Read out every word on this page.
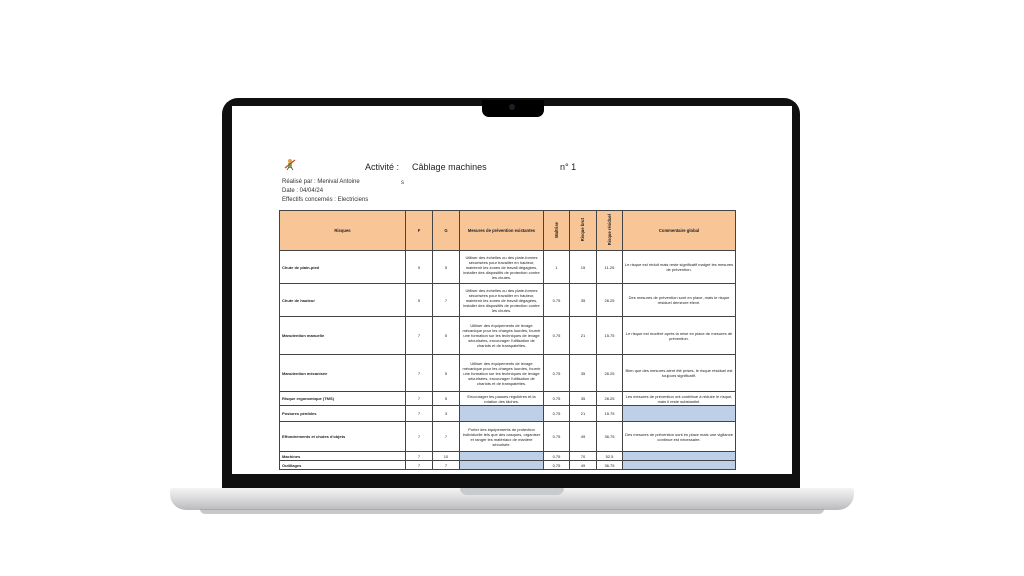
Activité : Câblage machines	n° 1
Réalisé par : Menival Antoine	s
Date : 04/04/24
Effectifs concernés : Electriciens
Risques	F	G	Mesures de prévention existantes	Maîtrise	Risque brut	Risque résiduel	Commentaire global
Chute de plain-pied	9	5	Utiliser des échelles ou des plate-formes sécurisées pour travailler en hauteur, maintenir les zones de travail dégagées, installer des dispositifs de protection contre les chutes.	1	15	11.25	Le risque est réduit mais reste significatif malgré les mesures de prévention.
Chute de hauteur	5	7	Utiliser des échelles ou des plate-formes sécurisées pour travailler en hauteur, maintenir les zones de travail dégagées, installer des dispositifs de protection contre les chutes.	0.75	35	26.25	Des mesures de prévention sont en place, mais le risque résiduel demeure élevé.
Manutention manuelle	7	5	Utiliser des équipements de levage mécanique pour les charges lourdes, fournir une formation sur les techniques de levage sécurisées, encourager l'utilisation de chariots et de transpalettes.	0.75	21	15.75	Le risque est modéré après la mise en place de mesures de prévention.
Manutention mécanisée	7	5	Utiliser des équipements de levage mécanique pour les charges lourdes, fournir une formation sur les techniques de levage sécurisées, encourager l'utilisation de chariots et de transpalettes.	0.75	35	26.25	Bien que des mesures aient été prises, le risque résiduel est toujours significatif.
Risque ergonomique (TMS)	7	5	Encourager les pauses régulières et la rotation des tâches.	0.75	35	26.25	Les mesures de prévention ont contribué à réduire le risque, mais il reste substantiel.
Postures pénibles	7	3		0.75	21	15.75	
Effondrements et chutes d'objets	7	7	Porter des équipements de protection individuelle tels que des casques, organiser et ranger les matériaux de manière sécurisée.	0.75	49	36.75	Des mesures de prévention sont en place mais une vigilance continue est nécessaire.
Machines	7	10		0.75	70	52.5	
Outillages	7	7		0.75	49	36.75	
